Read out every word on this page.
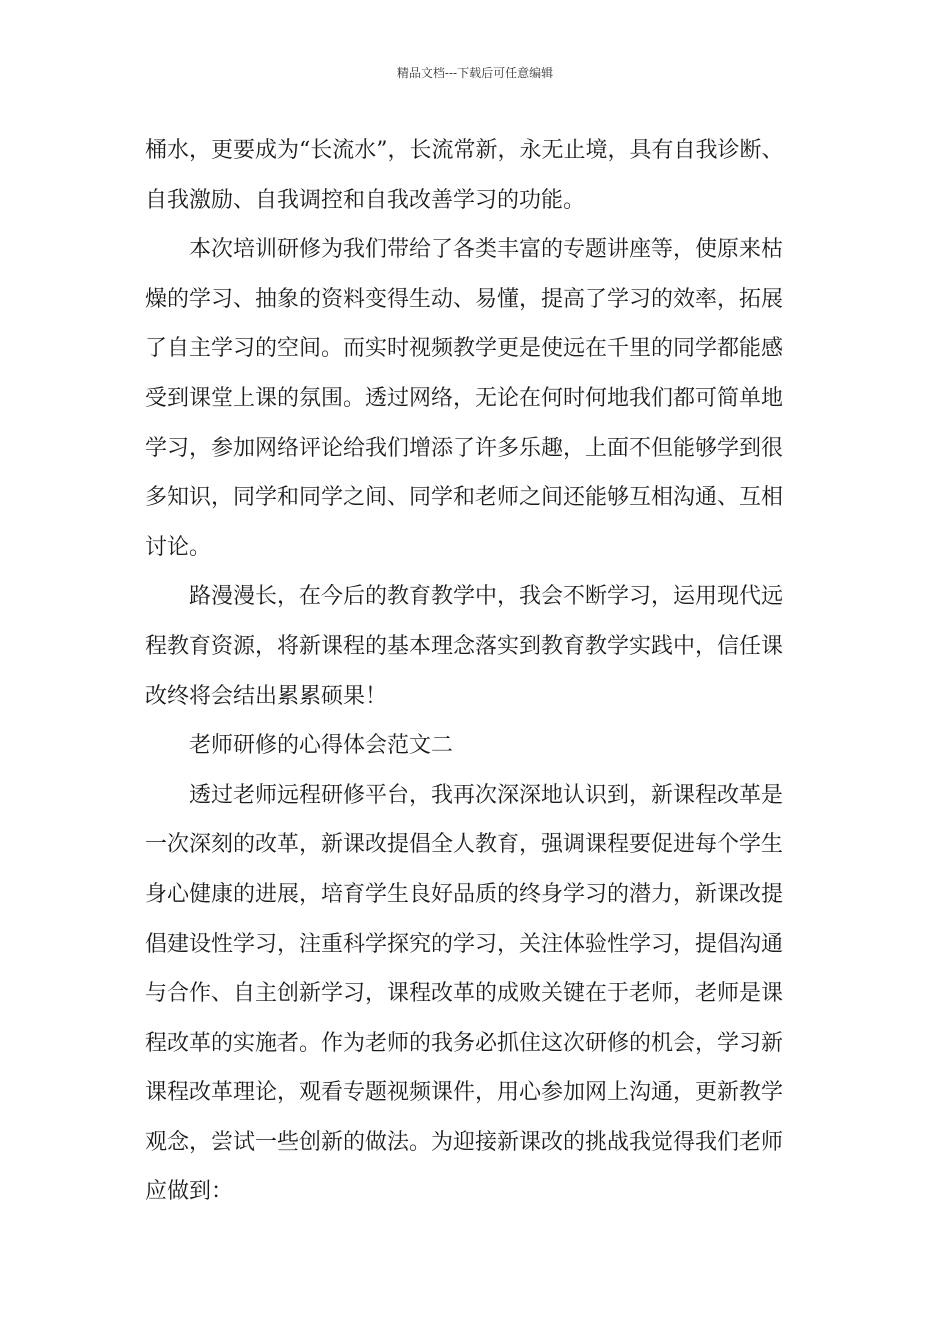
精品文档---下载后可任意编辑
桶水，更要成为“长流水”，长流常新，永无止境，具有自我诊断、
自我激励、自我调控和自我改善学习的功能。
本次培训研修为我们带给了各类丰富的专题讲座等，使原来枯
燥的学习、抽象的资料变得生动、易懂，提高了学习的效率，拓展
了自主学习的空间。而实时视频教学更是使远在千里的同学都能感
受到课堂上课的氛围。透过网络，无论在何时何地我们都可简单地
学习，参加网络评论给我们增添了许多乐趣，上面不但能够学到很
多知识，同学和同学之间、同学和老师之间还能够互相沟通、互相
讨论。
路漫漫长，在今后的教育教学中，我会不断学习，运用现代远
程教育资源，将新课程的基本理念落实到教育教学实践中，信任课
改终将会结出累累硕果！
老师研修的心得体会范文二
透过老师远程研修平台，我再次深深地认识到，新课程改革是
一次深刻的改革，新课改提倡全人教育，强调课程要促进每个学生
身心健康的进展，培育学生良好品质的终身学习的潜力，新课改提
倡建设性学习，注重科学探究的学习，关注体验性学习，提倡沟通
与合作、自主创新学习，课程改革的成败关键在于老师，老师是课
程改革的实施者。作为老师的我务必抓住这次研修的机会，学习新
课程改革理论，观看专题视频课件，用心参加网上沟通，更新教学
观念，尝试一些创新的做法。为迎接新课改的挑战我觉得我们老师
应做到：
